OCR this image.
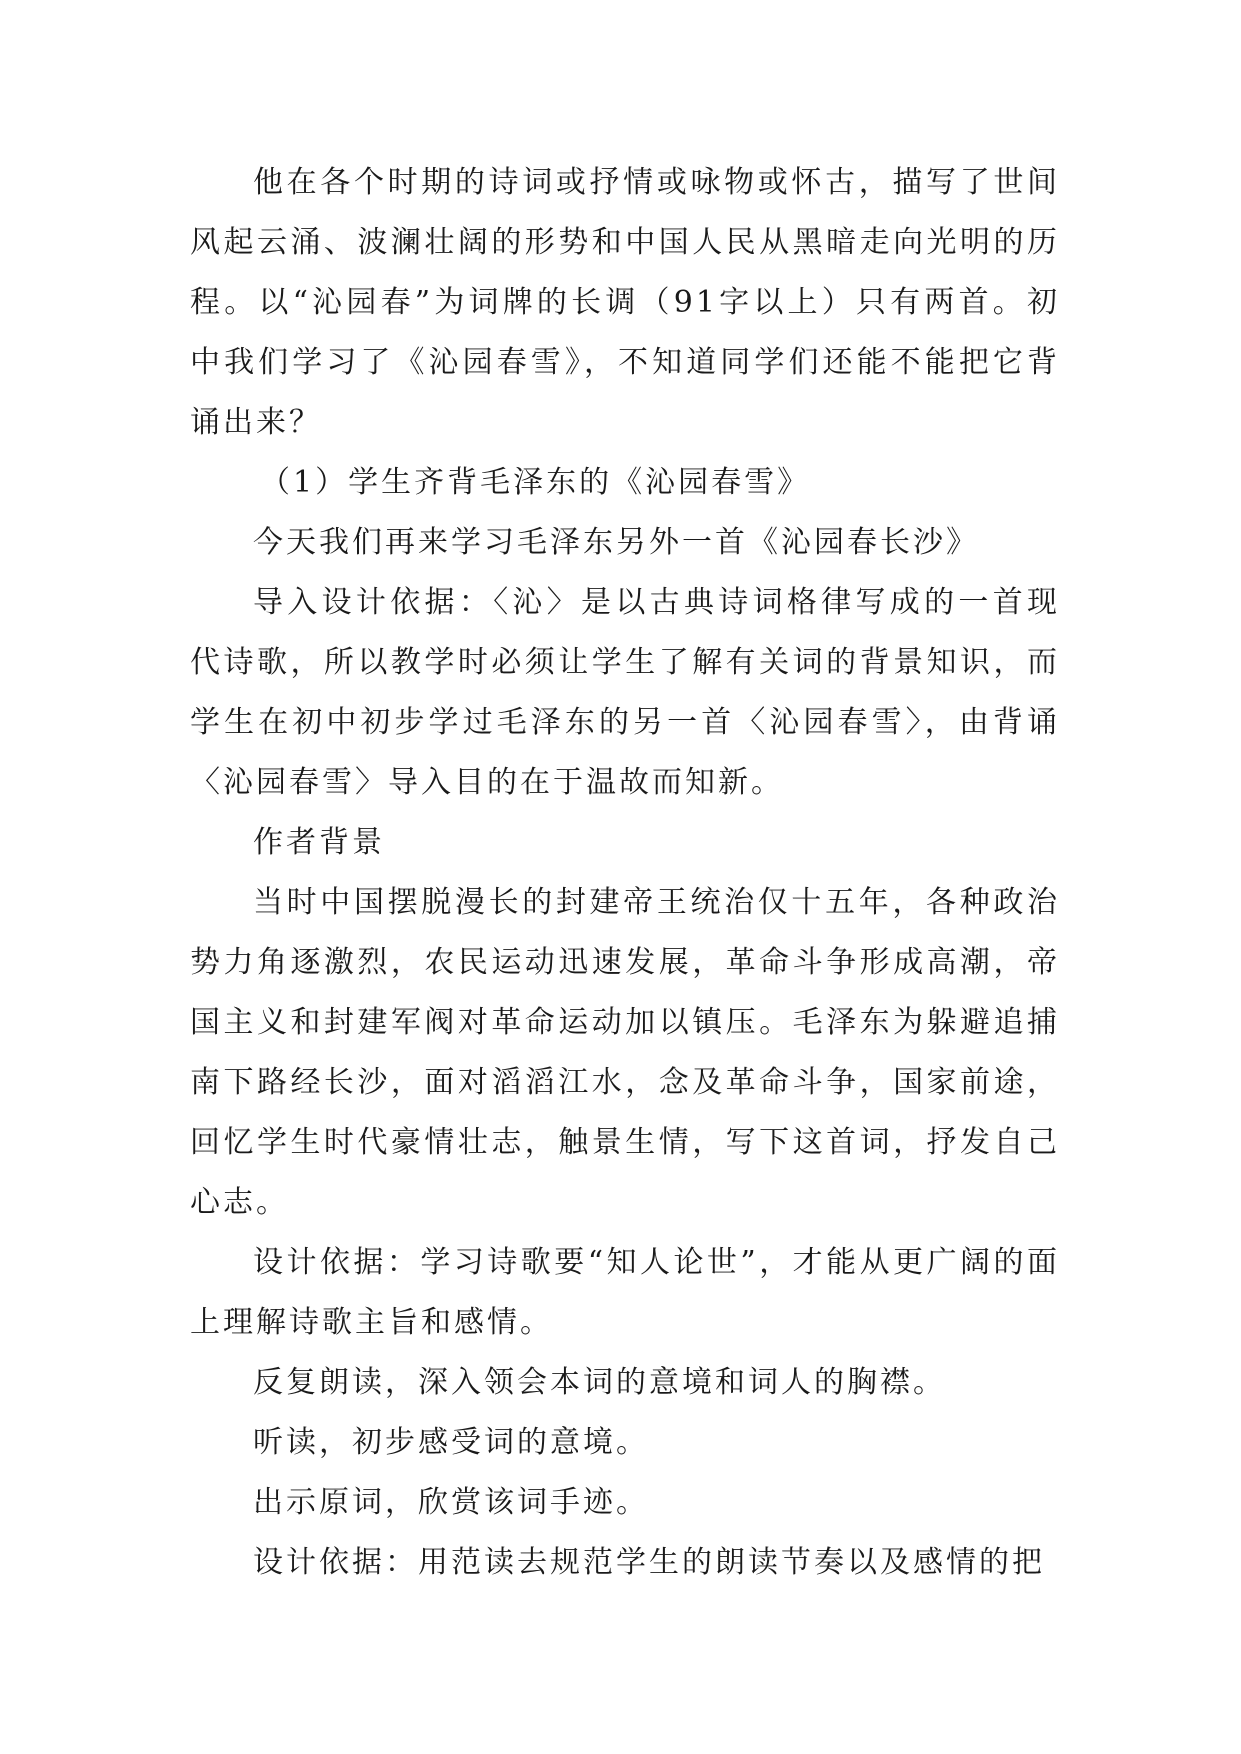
他在各个时期的诗词或抒情或咏物或怀古，描写了世间风起云涌、波澜壮阔的形势和中国人民从黑暗走向光明的历程。以“沁园春”为词牌的长调（91字以上）只有两首。初中我们学习了《沁园春雪》，不知道同学们还能不能把它背诵出来？

（1）学生齐背毛泽东的《沁园春雪》

今天我们再来学习毛泽东另外一首《沁园春长沙》

导入设计依据：〈沁〉是以古典诗词格律写成的一首现代诗歌，所以教学时必须让学生了解有关词的背景知识，而学生在初中初步学过毛泽东的另一首〈沁园春雪〉，由背诵〈沁园春雪〉导入目的在于温故而知新。

作者背景

当时中国摆脱漫长的封建帝王统治仅十五年，各种政治势力角逐激烈，农民运动迅速发展，革命斗争形成高潮，帝国主义和封建军阀对革命运动加以镇压。毛泽东为躲避追捕南下路经长沙，面对滔滔江水，念及革命斗争，国家前途，回忆学生时代豪情壮志，触景生情，写下这首词，抒发自己心志。

设计依据：学习诗歌要“知人论世”，才能从更广阔的面上理解诗歌主旨和感情。

反复朗读，深入领会本词的意境和词人的胸襟。

听读，初步感受词的意境。

出示原词，欣赏该词手迹。

设计依据：用范读去规范学生的朗读节奏以及感情的把
